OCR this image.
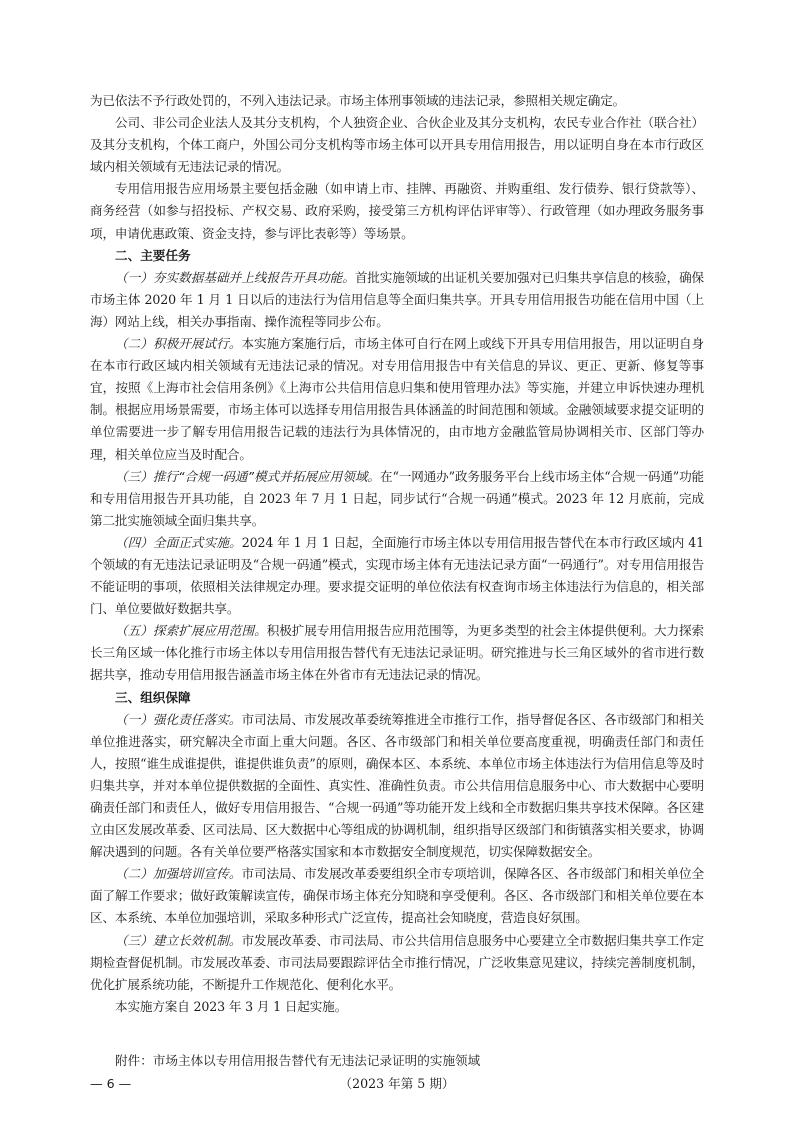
为已依法不予行政处罚的，不列入违法记录。市场主体刑事领域的违法记录，参照相关规定确定。

公司、非公司企业法人及其分支机构，个人独资企业、合伙企业及其分支机构，农民专业合作社（联合社）及其分支机构，个体工商户，外国公司分支机构等市场主体可以开具专用信用报告，用以证明自身在本市行政区域内相关领域有无违法记录的情况。

专用信用报告应用场景主要包括金融（如申请上市、挂牌、再融资、并购重组、发行债券、银行贷款等）、商务经营（如参与招投标、产权交易、政府采购，接受第三方机构评估评审等）、行政管理（如办理政务服务事项，申请优惠政策、资金支持，参与评比表彰等）等场景。

二、主要任务

（一）夯实数据基础并上线报告开具功能。首批实施领域的出证机关要加强对已归集共享信息的核验，确保市场主体 2020 年 1 月 1 日以后的违法行为信用信息等全面归集共享。开具专用信用报告功能在信用中国（上海）网站上线，相关办事指南、操作流程等同步公布。

（二）积极开展试行。本实施方案施行后，市场主体可自行在网上或线下开具专用信用报告，用以证明自身在本市行政区域内相关领域有无违法记录的情况。对专用信用报告中有关信息的异议、更正、更新、修复等事宜，按照《上海市社会信用条例》《上海市公共信用信息归集和使用管理办法》等实施，并建立申诉快速办理机制。根据应用场景需要，市场主体可以选择专用信用报告具体涵盖的时间范围和领域。金融领域要求提交证明的单位需要进一步了解专用信用报告记载的违法行为具体情况的，由市地方金融监管局协调相关市、区部门等办理，相关单位应当及时配合。

（三）推行“合规一码通”模式并拓展应用领域。在“一网通办”政务服务平台上线市场主体“合规一码通”功能和专用信用报告开具功能，自 2023 年 7 月 1 日起，同步试行“合规一码通”模式。2023 年 12 月底前，完成第二批实施领域全面归集共享。

（四）全面正式实施。2024 年 1 月 1 日起，全面施行市场主体以专用信用报告替代在本市行政区域内 41 个领域的有无违法记录证明及“合规一码通”模式，实现市场主体有无违法记录方面“一码通行”。对专用信用报告不能证明的事项，依照相关法律规定办理。要求提交证明的单位依法有权查询市场主体违法行为信息的，相关部门、单位要做好数据共享。

（五）探索扩展应用范围。积极扩展专用信用报告应用范围等，为更多类型的社会主体提供便利。大力探索长三角区域一体化推行市场主体以专用信用报告替代有无违法记录证明。研究推进与长三角区域外的省市进行数据共享，推动专用信用报告涵盖市场主体在外省市有无违法记录的情况。

三、组织保障

（一）强化责任落实。市司法局、市发展改革委统筹推进全市推行工作，指导督促各区、各市级部门和相关单位推进落实，研究解决全市面上重大问题。各区、各市级部门和相关单位要高度重视，明确责任部门和责任人，按照“谁生成谁提供，谁提供谁负责”的原则，确保本区、本系统、本单位市场主体违法行为信用信息等及时归集共享，并对本单位提供数据的全面性、真实性、准确性负责。市公共信用信息服务中心、市大数据中心要明确责任部门和责任人，做好专用信用报告、“合规一码通”等功能开发上线和全市数据归集共享技术保障。各区建立由区发展改革委、区司法局、区大数据中心等组成的协调机制，组织指导区级部门和街镇落实相关要求，协调解决遇到的问题。各有关单位要严格落实国家和本市数据安全制度规范，切实保障数据安全。

（二）加强培训宣传。市司法局、市发展改革委要组织全市专项培训，保障各区、各市级部门和相关单位全面了解工作要求；做好政策解读宣传，确保市场主体充分知晓和享受便利。各区、各市级部门和相关单位要在本区、本系统、本单位加强培训，采取多种形式广泛宣传，提高社会知晓度，营造良好氛围。

（三）建立长效机制。市发展改革委、市司法局、市公共信用信息服务中心要建立全市数据归集共享工作定期检查督促机制。市发展改革委、市司法局要跟踪评估全市推行情况，广泛收集意见建议，持续完善制度机制，优化扩展系统功能，不断提升工作规范化、便利化水平。

本实施方案自 2023 年 3 月 1 日起实施。

附件：市场主体以专用信用报告替代有无违法记录证明的实施领域
— 6 —	（2023 年第 5 期）
